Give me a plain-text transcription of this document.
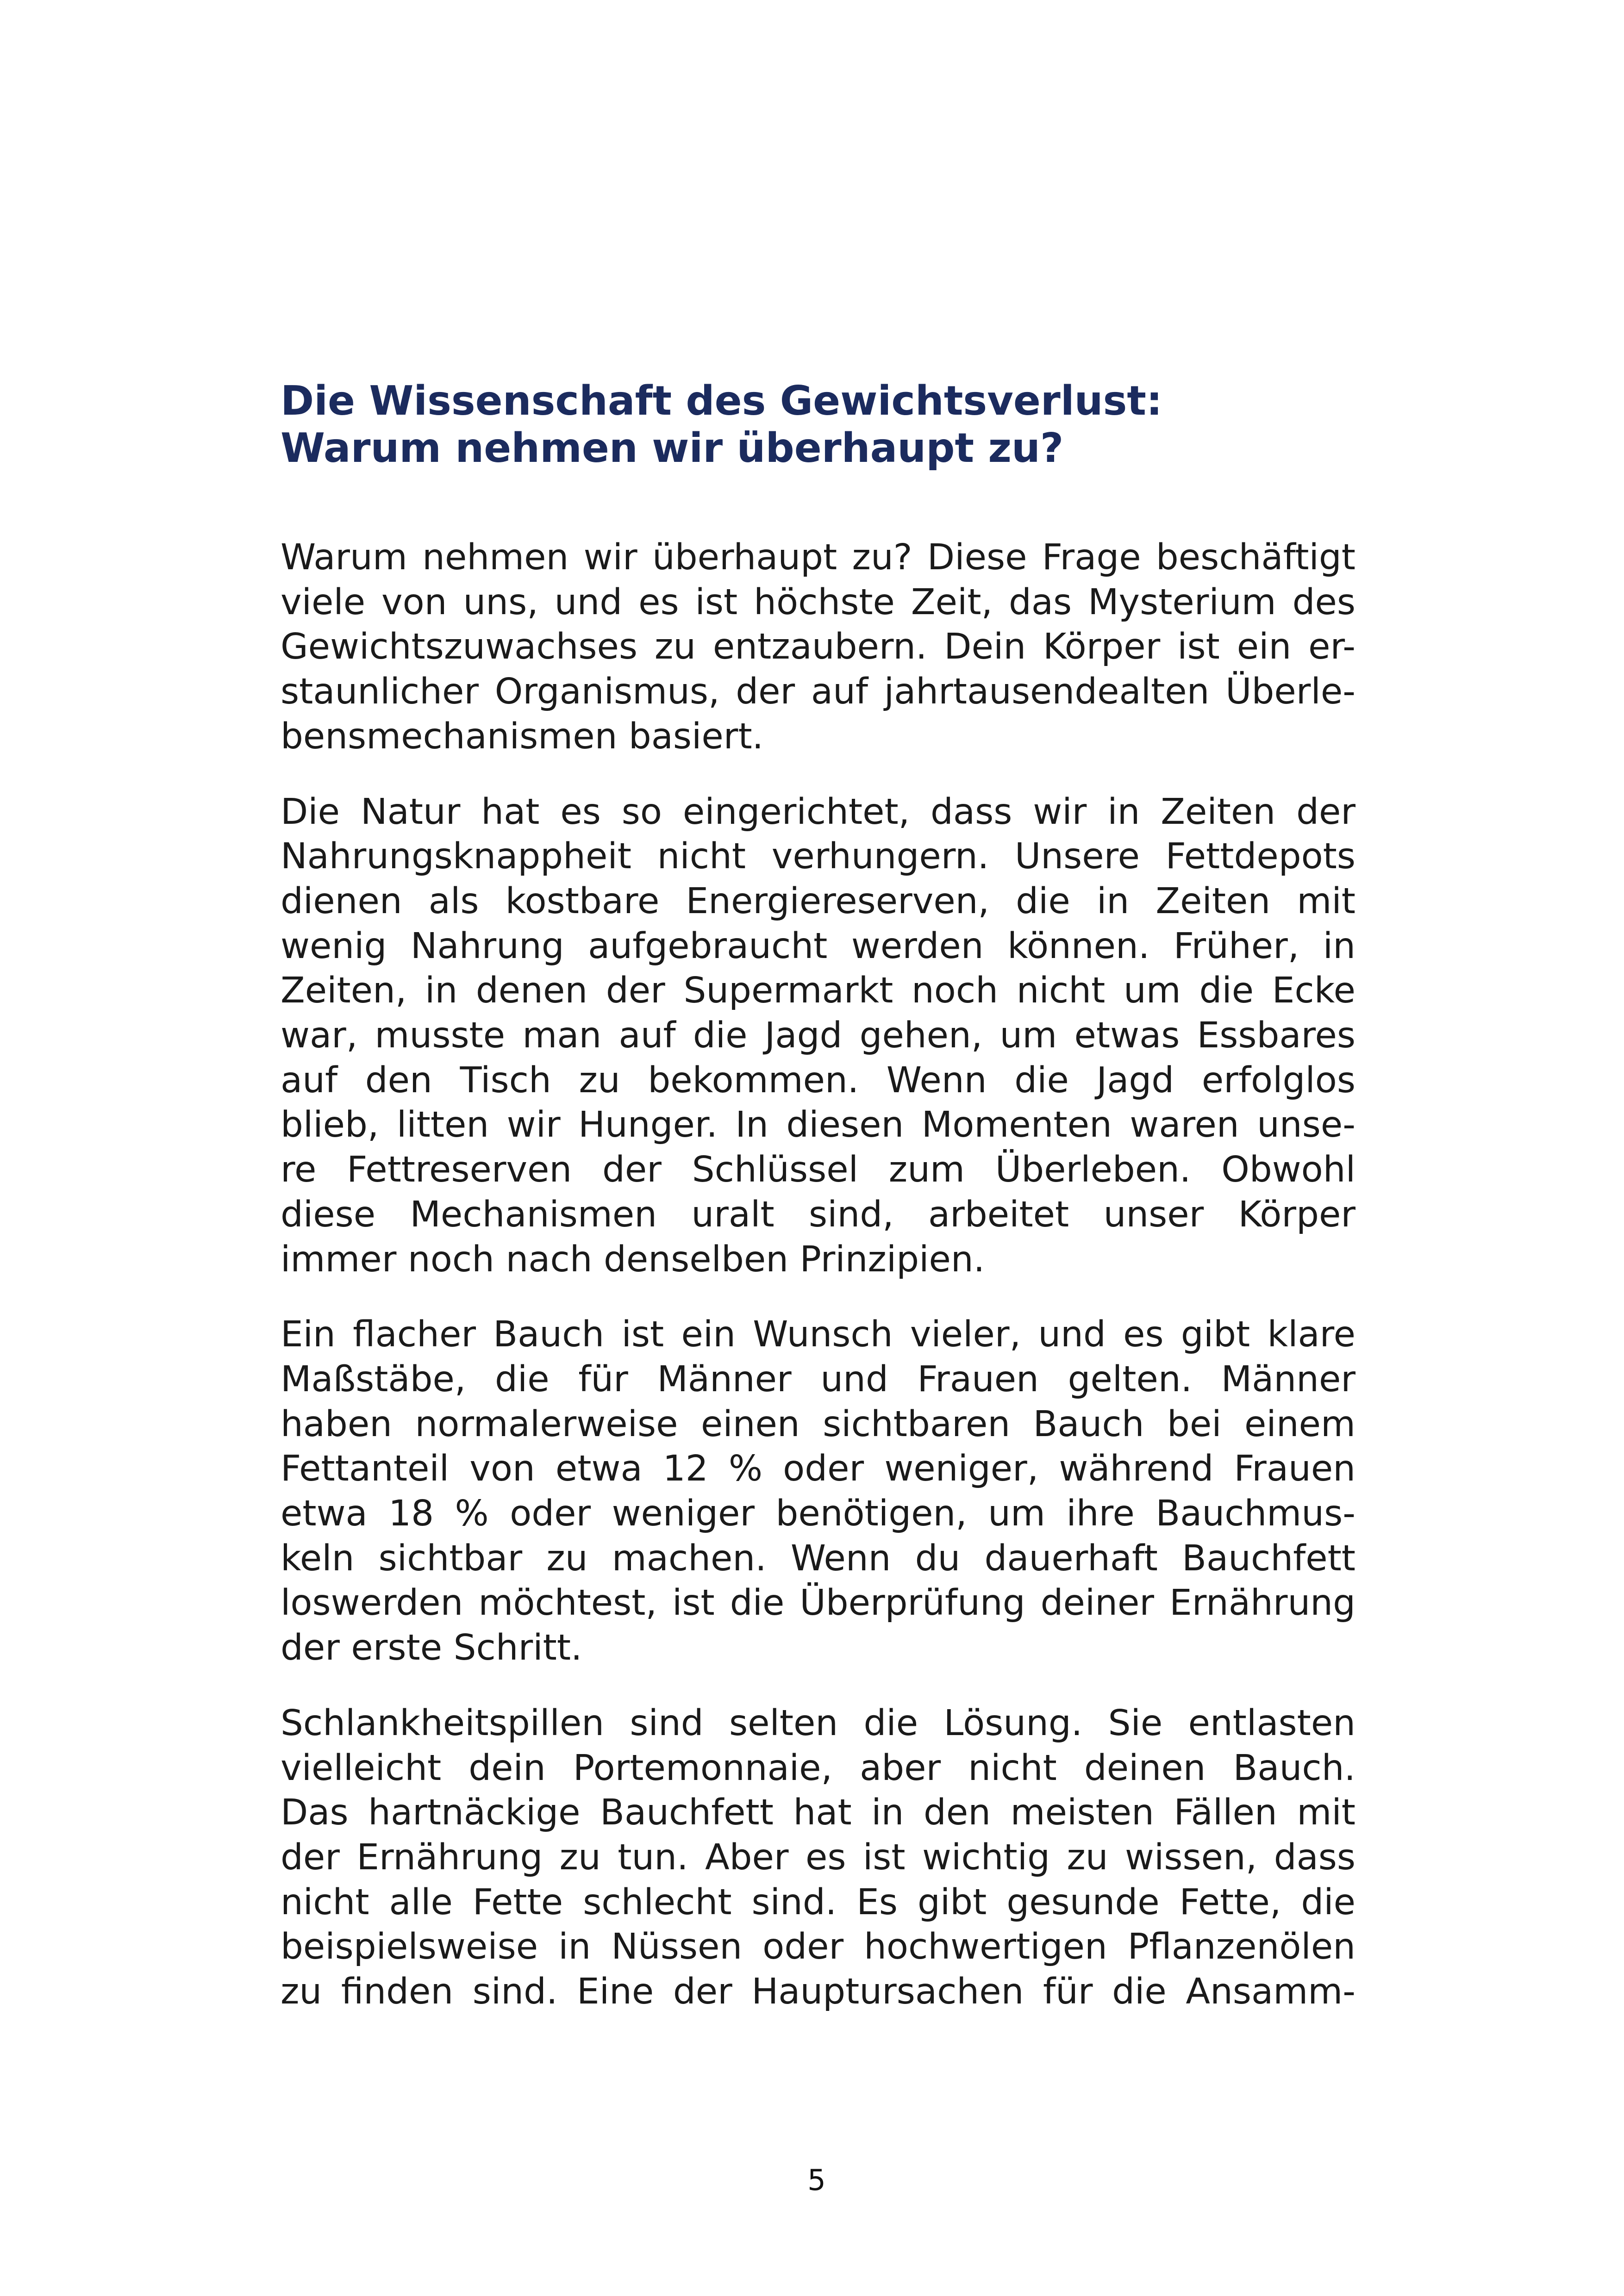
Die Wissenschaft des Gewichtsverlust:
Warum nehmen wir überhaupt zu?
Warum nehmen wir überhaupt zu? Diese Frage beschäftigt
viele von uns, und es ist höchste Zeit, das Mysterium des
Gewichtszuwachses zu entzaubern. Dein Körper ist ein er-
staunlicher Organismus, der auf jahrtausendealten Überle-
bensmechanismen basiert.
Die Natur hat es so eingerichtet, dass wir in Zeiten der
Nahrungsknappheit nicht verhungern. Unsere Fettdepots
dienen als kostbare Energiereserven, die in Zeiten mit
wenig Nahrung aufgebraucht werden können. Früher, in
Zeiten, in denen der Supermarkt noch nicht um die Ecke
war, musste man auf die Jagd gehen, um etwas Essbares
auf den Tisch zu bekommen. Wenn die Jagd erfolglos
blieb, litten wir Hunger. In diesen Momenten waren unse-
re Fettreserven der Schlüssel zum Überleben. Obwohl
diese Mechanismen uralt sind, arbeitet unser Körper
immer noch nach denselben Prinzipien.
Ein flacher Bauch ist ein Wunsch vieler, und es gibt klare
Maßstäbe, die für Männer und Frauen gelten. Männer
haben normalerweise einen sichtbaren Bauch bei einem
Fettanteil von etwa 12 % oder weniger, während Frauen
etwa 18 % oder weniger benötigen, um ihre Bauchmus-
keln sichtbar zu machen. Wenn du dauerhaft Bauchfett
loswerden möchtest, ist die Überprüfung deiner Ernährung
der erste Schritt.
Schlankheitspillen sind selten die Lösung. Sie entlasten
vielleicht dein Portemonnaie, aber nicht deinen Bauch.
Das hartnäckige Bauchfett hat in den meisten Fällen mit
der Ernährung zu tun. Aber es ist wichtig zu wissen, dass
nicht alle Fette schlecht sind. Es gibt gesunde Fette, die
beispielsweise in Nüssen oder hochwertigen Pflanzenölen
zu finden sind. Eine der Hauptursachen für die Ansamm-
5
